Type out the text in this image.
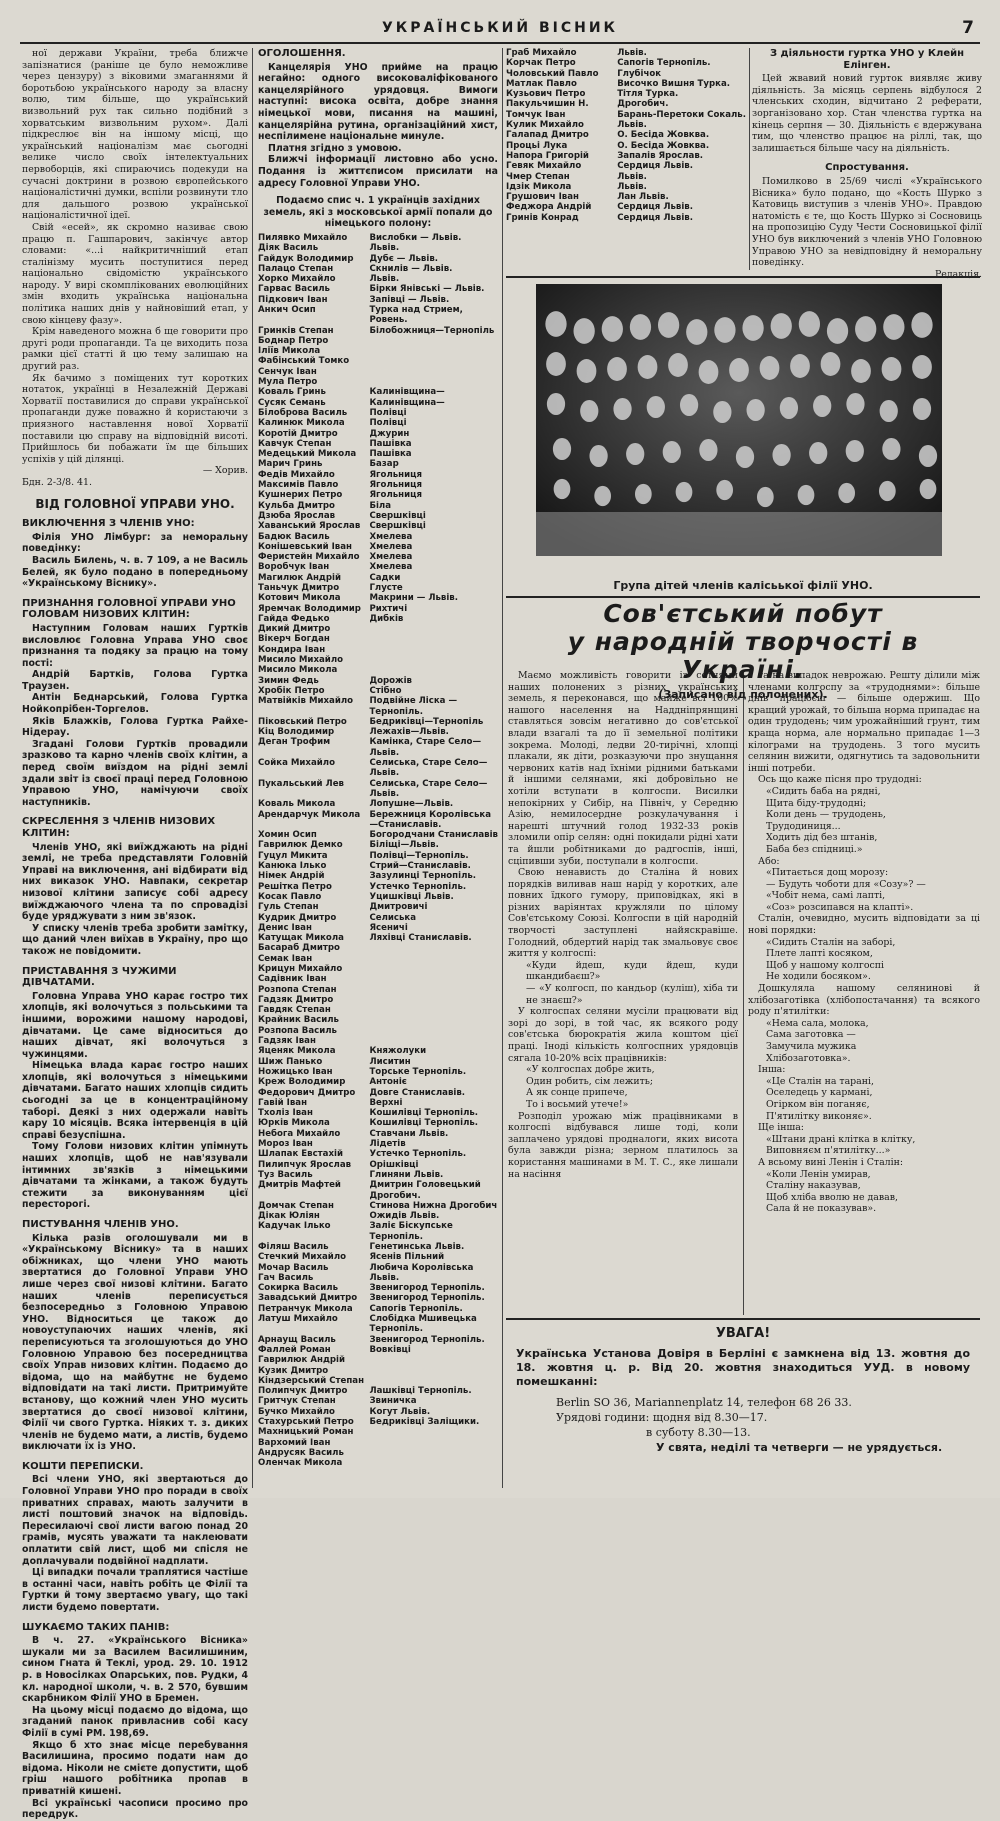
УКРАЇНСЬКИЙ ВІСНИК	7

ної держави України, треба ближче запізнатися (раніше це було неможливе через цензуру) з віковими змаганнями й боротьбою українського народу за власну волю, тим більше, що український визвольний рух так сильно подібний з хорватським визвольним рухом». Далі підкреслює він на іншому місці, що український націоналізм має сьогодні велике число своїх інтелектуальних первоборців, які спираючись подекуди на сучасні доктрини в розвою європейського націоналістичні думки, вспіли розвинути тло для дальшого розвою української націоналістичної ідеї.

Свій «есей», як скромно називає свою працю п. Гашпарович, закінчує автор словами: «...і найкритичніший етап сталінізму мусить поступитися перед національно свідомістю українського народу. У вирі скомплікованих еволюційних змін входить українська національна політика наших днів у найновіший етап, у свою кінцеву фазу».

Крім наведеного можна б ще говорити про другі роди пропаганди. Та це виходить поза рамки цієї статті й цю тему залишаю на другий раз.

Як бачимо з поміщених тут коротких нотаток, українці в Незалежній Державі Хорватії поставилися до справи української пропаганди дуже поважно й користаючи з приязного наставлення нової Хорватії поставили цю справу на відповідній висоті. Прийшлось би побажати їм ще більших успіхів у цій ділянці.

— Хорив.

Бдн. 2-3/8. 41.

ВІД ГОЛОВНОЇ УПРАВИ УНО.
ВИКЛЮЧЕННЯ З ЧЛЕНІВ УНО:

Філія УНО Лімбург: за неморальну поведінку:

Василь Билень, ч. в. 7 109, а не Василь Белей, як було подано в попередньому «Українському Віснику».

ПРИЗНАННЯ ГОЛОВНОЇ УПРАВИ УНО ГОЛОВАМ НИЗОВИХ КЛІТИН:

Наступним Головам наших Гуртків висловлює Головна Управа УНО своє признання та подяку за працю на тому пості:

Андрій Бартків, Голова Гуртка Траузен.

Антін Беднарський, Голова Гуртка Нойкопрібен-Торгелов.

Яків Блажків, Голова Гуртка Райхе-Нідерау.

Згадані Голови Гуртків провадили зразково та карно членів своїх клітин, а перед своїм виїздом на рідні землі здали звіт із своєї праці перед Головною Управою УНО, намічуючи своїх наступників.

СКРЕСЛЕННЯ З ЧЛЕНІВ НИЗОВИХ КЛІТИН:

Членів УНО, які виїжджають на рідні землі, не треба представляти Головній Управі на виключення, ані відбирати від них виказок УНО. Навпаки, секретар низової клітини записує собі адресу виїжджаючого члена та по спровадізі буде уряджувати з ним зв'язок.

У списку членів треба зробити замітку, що даний член виїхав в Україну, про що також не повідомити.

ПРИСТАВАННЯ З ЧУЖИМИ ДІВЧАТАМИ.

Головна Управа УНО карає гостро тих хлопців, які волочуться з польськими та іншими, ворожими нашому народові, дівчатами. Це саме відноситься до наших дівчат, які волочуться з чужинцями.

Німецька влада карає гостро наших хлопців, які волочуться з німецькими дівчатами. Багато наших хлопців сидить сьогодні за це в концентраційному таборі. Деякі з них одержали навіть кару 10 місяців. Всяка інтервенція в цій справі безуспішна.

Тому Голови низових клітин упімнуть наших хлопців, щоб не нав'язували інтимних зв'язків з німецькими дівчатами та жінками, а також будуть стежити за виконуванням цієї пересторогі.

ПИСТУВАННЯ ЧЛЕНІВ УНО.

Кілька разів оголошували ми в «Українському Віснику» та в наших обіжниках, що члени УНО мають звертатися до Головної Управи УНО лише через свої низові клітини. Багато наших членів переписується безпосередньо з Головною Управою УНО. Відноситься це також до новоуступаючих наших членів, які переписуються та зголошуються до УНО Головною Управою без посередництва своїх Управ низових клітин. Подаємо до відома, що на майбутнє не будемо відповідати на такі листи. Притримуйте встанову, що кожний член УНО мусить звертатися до своєї низової клітини, Філії чи свого Гуртка. Ніяких т. з. диких членів не будемо мати, а листів, будемо виключати їх із УНО.

КОШТИ ПЕРЕПИСКИ.

Всі члени УНО, які звертаються до Головної Управи УНО про поради в своїх приватних справах, мають залучити в листі поштовий значок на відповідь. Пересилаючі свої листи вагою понад 20 грамів, мусять уважати та наклеювати оплатити свій лист, щоб ми спісля не доплачували подвійної надплати.

Ці випадки почали траплятися частіше в останні часи, навіть робіть це Філії та Гуртки й тому звертаємо увагу, що такі листи будемо повертати.

ШУКАЄМО ТАКИХ ПАНІВ:

В ч. 27. «Українського Вісника» шукали ми за Василем Василишиним, сином Гната й Теклі, урод. 29. 10. 1912 р. в Новосілках Опарських, пов. Рудки, 4 кл. народної школи, ч. в. 2 570, бувшим скарбником Філії УНО в Бремен.

На цьому місці подаємо до відома, що згаданий панок привласнив собі касу Філії в сумі РМ. 198,69.

Якщо б хто знає місце перебування Василишина, просимо подати нам до відома. Ніколи не смієте допустити, щоб гріш нашого робітника пропав в приватній кишені.

Всі українські часописи просимо про передрук.

ОГОЛОШЕННЯ.

Канцелярія УНО прийме на працю негайно: одного високоваліфікованого канцелярійного урядовця. Вимоги наступні: висока освіта, добре знання німецької мови, писання на машині, канцелярійна рутина, організаційний хист, неспілимене національне минуле.

Платня згідно з умовою.

Ближчі інформації листовно або усно. Подання із життєписом присилати на адресу Головної Управи УНО.

Подаємо спис ч. 1 українців західних земель, які з московської армії попали до німецького полону:

Пилявко Михайло	Вислобки — Львів.
Діяк Василь	Львів.
Гайдук Володимир	Дубє — Львів.
Палацо Степан	Скнилів — Львів.
Хорко Михайло	Львів.
Гарвас Василь	Бірки Янівські — Львів.
Підкович Іван	Запівці — Львів.
Анкич Осип	Турка над Стрием,
	Ровень.
Гринків Степан	Білобожниця—Тернопіль
Боднар Петро	
Іліїв Микола	
Фабінський Томко	
Сенчук Іван	
Мула Петро	
Коваль Гринь	Калинівщина—
Сусяк Семань	Калинівщина—
Білоброва Василь	Полівці
Калинюк Микола	Полівці
Коротій Дмитро	Джурин
Кавчук Степан	Пашівка
Медецький Микола	Пашівка
Марич Гринь	Базар
Федів Михайло	Ягольниця
Максимів Павло	Ягольниця
Кушнерих Петро	Ягольниця
Кульба Дмитро	Біла
Дзюба Ярослав	Свершківці
Хаванський Ярослав	Свершківці
Бадюк Василь	Хмелева
Конішевський Іван	Хмелева
Феристейн Михайло	Хмелева
Воробчук Іван	Хмелева
Магилюк Андрій	Садки
Таньчук Дмитро	Глусте
Котович Микола	Макрини — Львів.
Яремчак Володимир	Рихтичі
Гайда Федько	Дибків
Дикий Дмитро	
Вікерч Богдан	
Кондира Іван	
Мисило Михайло	
Мисило Микола	
Зимин Федь	Дорожів
Хробік Петро	Стібно
Матвійків Михайло	Подвійне Ліска —
	Тернопіль.
Піковський Петро	Бедриківці—Тернопіль
Кіц Володимир	Лежахів—Львів.
Деган Трофим	Камінка, Старе Село—
	Львів.
Сойка Михайло	Селиська, Старе Село—
	Львів.
Пукальський Лев	Селиська, Старе Село—
	Львів.
Коваль Микола	Лопушне—Львів.
Арендарчук Микола	Бережниця Королівська
	—Станиславів.
Хомин Осип	Богородчани Станиславів
Гаврилюк Демко	Біліщі—Львів.
Гуцул Микита	Полівці—Тернопіль.
Канюка Ількo	Стрий—Станиславів.
Німек Андрій	Зазулинці Тернопіль.
Решітка Петро	Устечко Тернопіль.
Косак Павло	Уцишківці Львів.
Гуль Степан	Дмитровичі
Кудрик Дмитро	Селиська
Денис Іван	Ясеничі
Катущак Микола	Ляхівці Станиславів.
Басараб Дмитро	
Семак Іван	
Крицун Михайло	
Садівник Іван	
Розпопа Степан	
Гадзяк Дмитро	
Гавдяк Степан	
Крайник Василь	
Розпопа Василь	
Гадзяк Іван	
Яценяк Микола	Княжолуки
Шиж Панько	Лиситин
Ножицько Іван	Торське Тернопіль.
Креж Володимир	Антоніє
Федорович Дмитро	Довге Станиславів.
Гавій Іван	Верхні
Тхоліз Іван	Кошилівці Тернопіль.
Юрків Микола	Кошилівці Тернопіль.
Небога Михайло	Ставчани Львів.
Мороз Іван	Лідетів
Шлапак Евстахій	Устечко Тернопіль.
Пилипчук Ярослав	Орішківці
Туз Василь	Глиняни Львів.
Дмитрів Мафтей	Дмитрин Головецький
	Дрогобич.
Домчак Степан	Стинова Нижна Дрогобич
Дікак Юліян	Ожидів Львів.
Кадучак Ілько	Заліє Біскупське
	Тернопіль.
Філяш Василь	Генетинська Львів.
Стечкий Михайло	Ясенів Пільний
Мочар Василь	Любича Королівська
Гач Василь	Львів.
Сокирка Василь	Звенигород Тернопіль.
Завадський Дмитро	Звенигород Тернопіль.
Петранчук Микола	Сапогів Тернопіль.
Латуш Михайло	Слобідка Мшивецька
	Тернопіль.
Арнаущ Василь	Звенигород Тернопіль.
Фаллей Роман	Вовківці
Гаврилюк Андрій	
Кузик Дмитро	
Кіндзерський Степан	
Полипчук Дмитро	Лашківці Тернопіль.
Гритчук Степан	Звиничка
Бучко Михайло	Когут Львів.
Стахурський Петро	Бедриківці Заліщики.
Махницький Роман	
Вархомий Іван	
Андрусяк Василь	
Оленчак Микола	
Граб Михайло	Львів.
Корчак Петро	Сапогів Тернопіль.
Чоловський Павло	Глубічок
Матлак Павло	Височко Вишня Турка.
Кузьович Петро	Тітля Турка.
Пакульчишин Н.	Дрогобич.
Томчук Іван	Барань-Перетоки Сокаль.
Кулик Михайло	Львів.
Галапад Дмитро	О. Бесіда Жовква.
Процьі Лука	О. Бесіда Жовква.
Напора Григорій	Запалів Ярослав.
Гевяк Михайло	Сердиця Львів.
Чмер Степан	Львів.
Ідзік Микола	Львів.
Грушович Іван	Лан Львів.
Феджора Андрій	Сердиця Львів.
Гринів Конрад	Сердиця Львів.
З діяльности гуртка УНО у Клейн Елінген.

Цей жвавий новий гурток виявляє живу діяльність. За місяць серпень відбулося 2 членських сходин, відчитано 2 реферати, зорганізовано хор. Стан членства гуртка на кінець серпня — 30. Діяльність є вдержувана тим, що членство працює на ріллі, так, що залишається більше часу на діяльність.

Спростування.

Помилково в 25/69 числі «Українського Вісника» було подано, що «Кость Шурко з Катовиць виступив з членів УНО». Правдою натомість є те, що Кость Шурко зі Сосновиць на пропозицію Суду Чести Сосновицької філії УНО був виключений з членів УНО Головною Управою УНО за невідповідну й неморальну поведінку.

Редакція.

Група дітей членів калісьької філії УНО.
Сов'єтський побут
у народній творчості в Україні.
(Записано від полонених).

Маємо можливість говорити із сотнями наших полонених з різних українських земель, я переконався, що майже всі 100% нашого населення на Наддніпрянщині ставляться зовсім негативно до сов'єтської влади взагалі та до її земельної політики зокрема. Молоді, ледви 20-тирічні, хлопці плакали, як діти, розказуючи про знущання червоних катів над їхніми рідними батьками й іншими селянами, які добровільно не хотіли вступати в колгоспи. Висилки непокірних у Сибір, на Північ, у Середню Азію, немилосердне розкулачування і нарешті штучний голод 1932-33 років зломили опір селян: одні покидали рідні хати та йшли робітниками до радгоспів, інші, сціпивши зуби, поступали в колгоспи.

Свою ненависть до Сталіна й нових порядків виливав наш нарід у коротких, але повних їдкого гумору, приповідках, які в різних варіянтах кружляли по цілому Сов'єтському Союзі. Колгоспи в цій народній творчості заступлені найяскравіше. Голодний, обдертий нарід так змальовує своє життя у колгоспі:

«Куди йдеш, куди йдеш, куди шкандибаєш?»

— «У колгосп, по кандьор (куліш), хіба ти не знаєш?»

У колгоспах селяни мусіли працювати від зорі до зорі, в той час, як всякого роду сов'єтська бюрократія жила коштом цієї праці. Іноді кількість колгоспних урядовців сягала 10-20% всіх працівників:

«У колгоспах добре жить,

Один робить, сім лежить;

А як сонце припече,

То і восьмий утече!»

Розподіл урожаю між працівниками в колгоспі відбувався лише тоді, коли заплачено урядові продналоги, яких висота була завжди різна; зерном платилось за користання машинами в М. Т. С., яке лишали на насіння

та на випадок неврожаю. Решту ділили між членами колгоспу за «трудоднями»: більше днів працюєш — більше одержиш. Що кращий урожай, то більша норма припадає на один трудодень; чим урожайніший грунт, тим краща норма, але нормально припадає 1—3 кілограми на трудодень. З того мусить селянин вижити, одягнутись та задовольнити інші потреби.

Ось що каже пісня про трудодні:

«Сидить баба на рядні,

Щита біду-трудодні;

Коли день — трудодень,

Трудодиниця...

Ходить дід без штанів,

Баба без спідниці.»

Або:

«Питається дощ морозу:

— Будуть чоботи для «Созу»? —

«Чобіт нема, самі лапті,

«Соз» розсипався на клапті».

Сталін, очевидно, мусить відповідати за ці нові порядки:

«Сидить Сталін на заборі,

Плете лапті косяком,

Щоб у нашому колгоспі

Не ходили босяком».

Дошкуляла нашому селянинові й хлібозаготівка (хлібопостачання) та всякого роду п'ятилітки:

«Нема сала, молока,

Сама заготовка —

Замучила мужика

Хлібозаготовка».

Інша:

«Це Сталін на тарані,

Оселедець у кармані,

Огірком він поганяє,

П'ятилітку виконяє».

Ще інша:

«Штани драні клітка в клітку,

Виповняєм п'ятилітку...»

А всьому вині Ленін і Сталін:

«Коли Ленін умирав,

Сталіну наказував,

Щоб хліба вволю не давав,

Сала й не показував».

УВАГА!
Українська Установа Довіря в Берліні є замкнена від 13. жовтня до 18. жовтня ц. р. Від 20. жовтня знаходиться УУД. в новому помешканні:
Berlin SO 36, Mariannenplatz 14, телефон 68 26 33.
Урядові години: щодня від 8.30—17.
в суботу 8.30—13.
У свята, неділі та четверги — не урядується.
